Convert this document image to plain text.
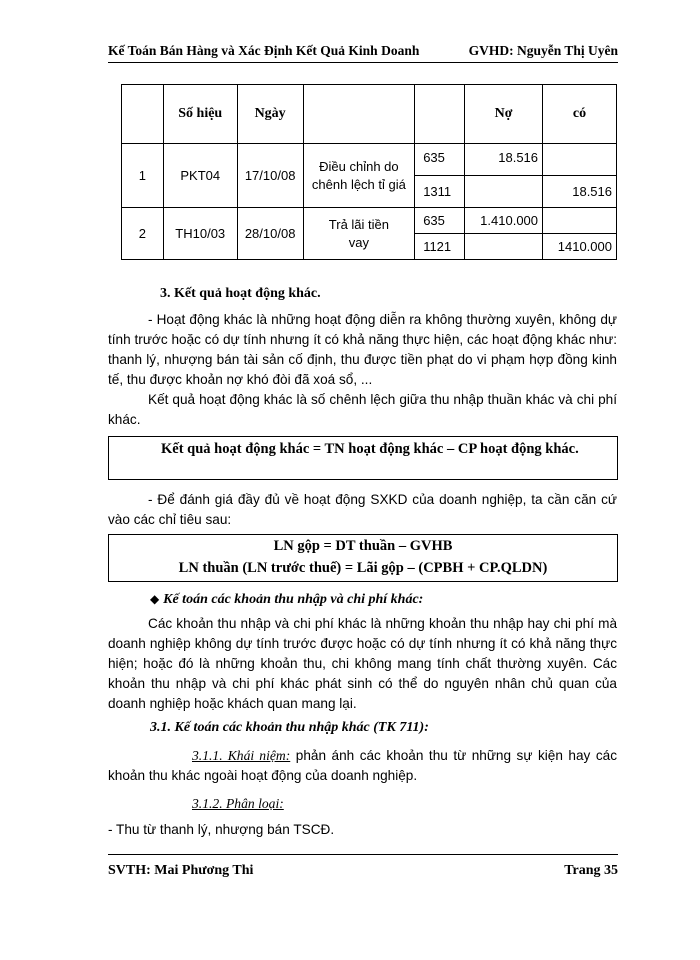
Kế Toán Bán Hàng và Xác Định Kết Quả Kinh Doanh	GVHD: Nguyễn Thị Uyên
	Số hiệu	Ngày			Nợ	có
1	PKT04	17/10/08	Điều chỉnh do chênh lệch tỉ giá	635	18.516	
				1311		18.516
2	TH10/03	28/10/08	Trả lãi tiền vay	635	1.410.000	
				1121		1410.000
3. Kết quả hoạt động khác.
- Hoạt động khác là những hoạt động diễn ra không thường xuyên, không dự tính trước hoặc có dự tính nhưng ít có khả năng thực hiện, các hoạt động khác như: thanh lý, nhượng bán tài sản cố định, thu được tiền phạt do vi phạm hợp đồng kinh tế, thu được khoản nợ khó đòi đã xoá sổ, ...
Kết quả hoạt động khác là số chênh lệch giữa thu nhập thuần khác và chi phí khác.
Kết quả hoạt động khác = TN hoạt động khác – CP hoạt động khác.
- Để đánh giá đầy đủ về hoạt động SXKD của doanh nghiệp, ta cần căn cứ vào các chỉ tiêu sau:
LN gộp = DT thuần – GVHB
LN thuần (LN trước thuế) = Lãi gộp – (CPBH + CP.QLDN)
◆ Kế toán các khoản thu nhập và chi phí khác:
Các khoản thu nhập và chi phí khác là những khoản thu nhập hay chi phí mà doanh nghiệp không dự tính trước được hoặc có dự tính nhưng ít có khả năng thực hiện; hoặc đó là những khoản thu, chi không mang tính chất thường xuyên. Các khoản thu nhập và chi phí khác phát sinh có thể do nguyên nhân chủ quan của doanh nghiệp hoặc khách quan mang lại.
3.1. Kế toán các khoản thu nhập khác (TK 711):
3.1.1. Khái niệm: phản ánh các khoản thu từ những sự kiện hay các khoản thu khác ngoài hoạt động của doanh nghiệp.
3.1.2. Phân loại:
- Thu từ thanh lý, nhượng bán TSCĐ.
SVTH: Mai Phương Thi	Trang 35
